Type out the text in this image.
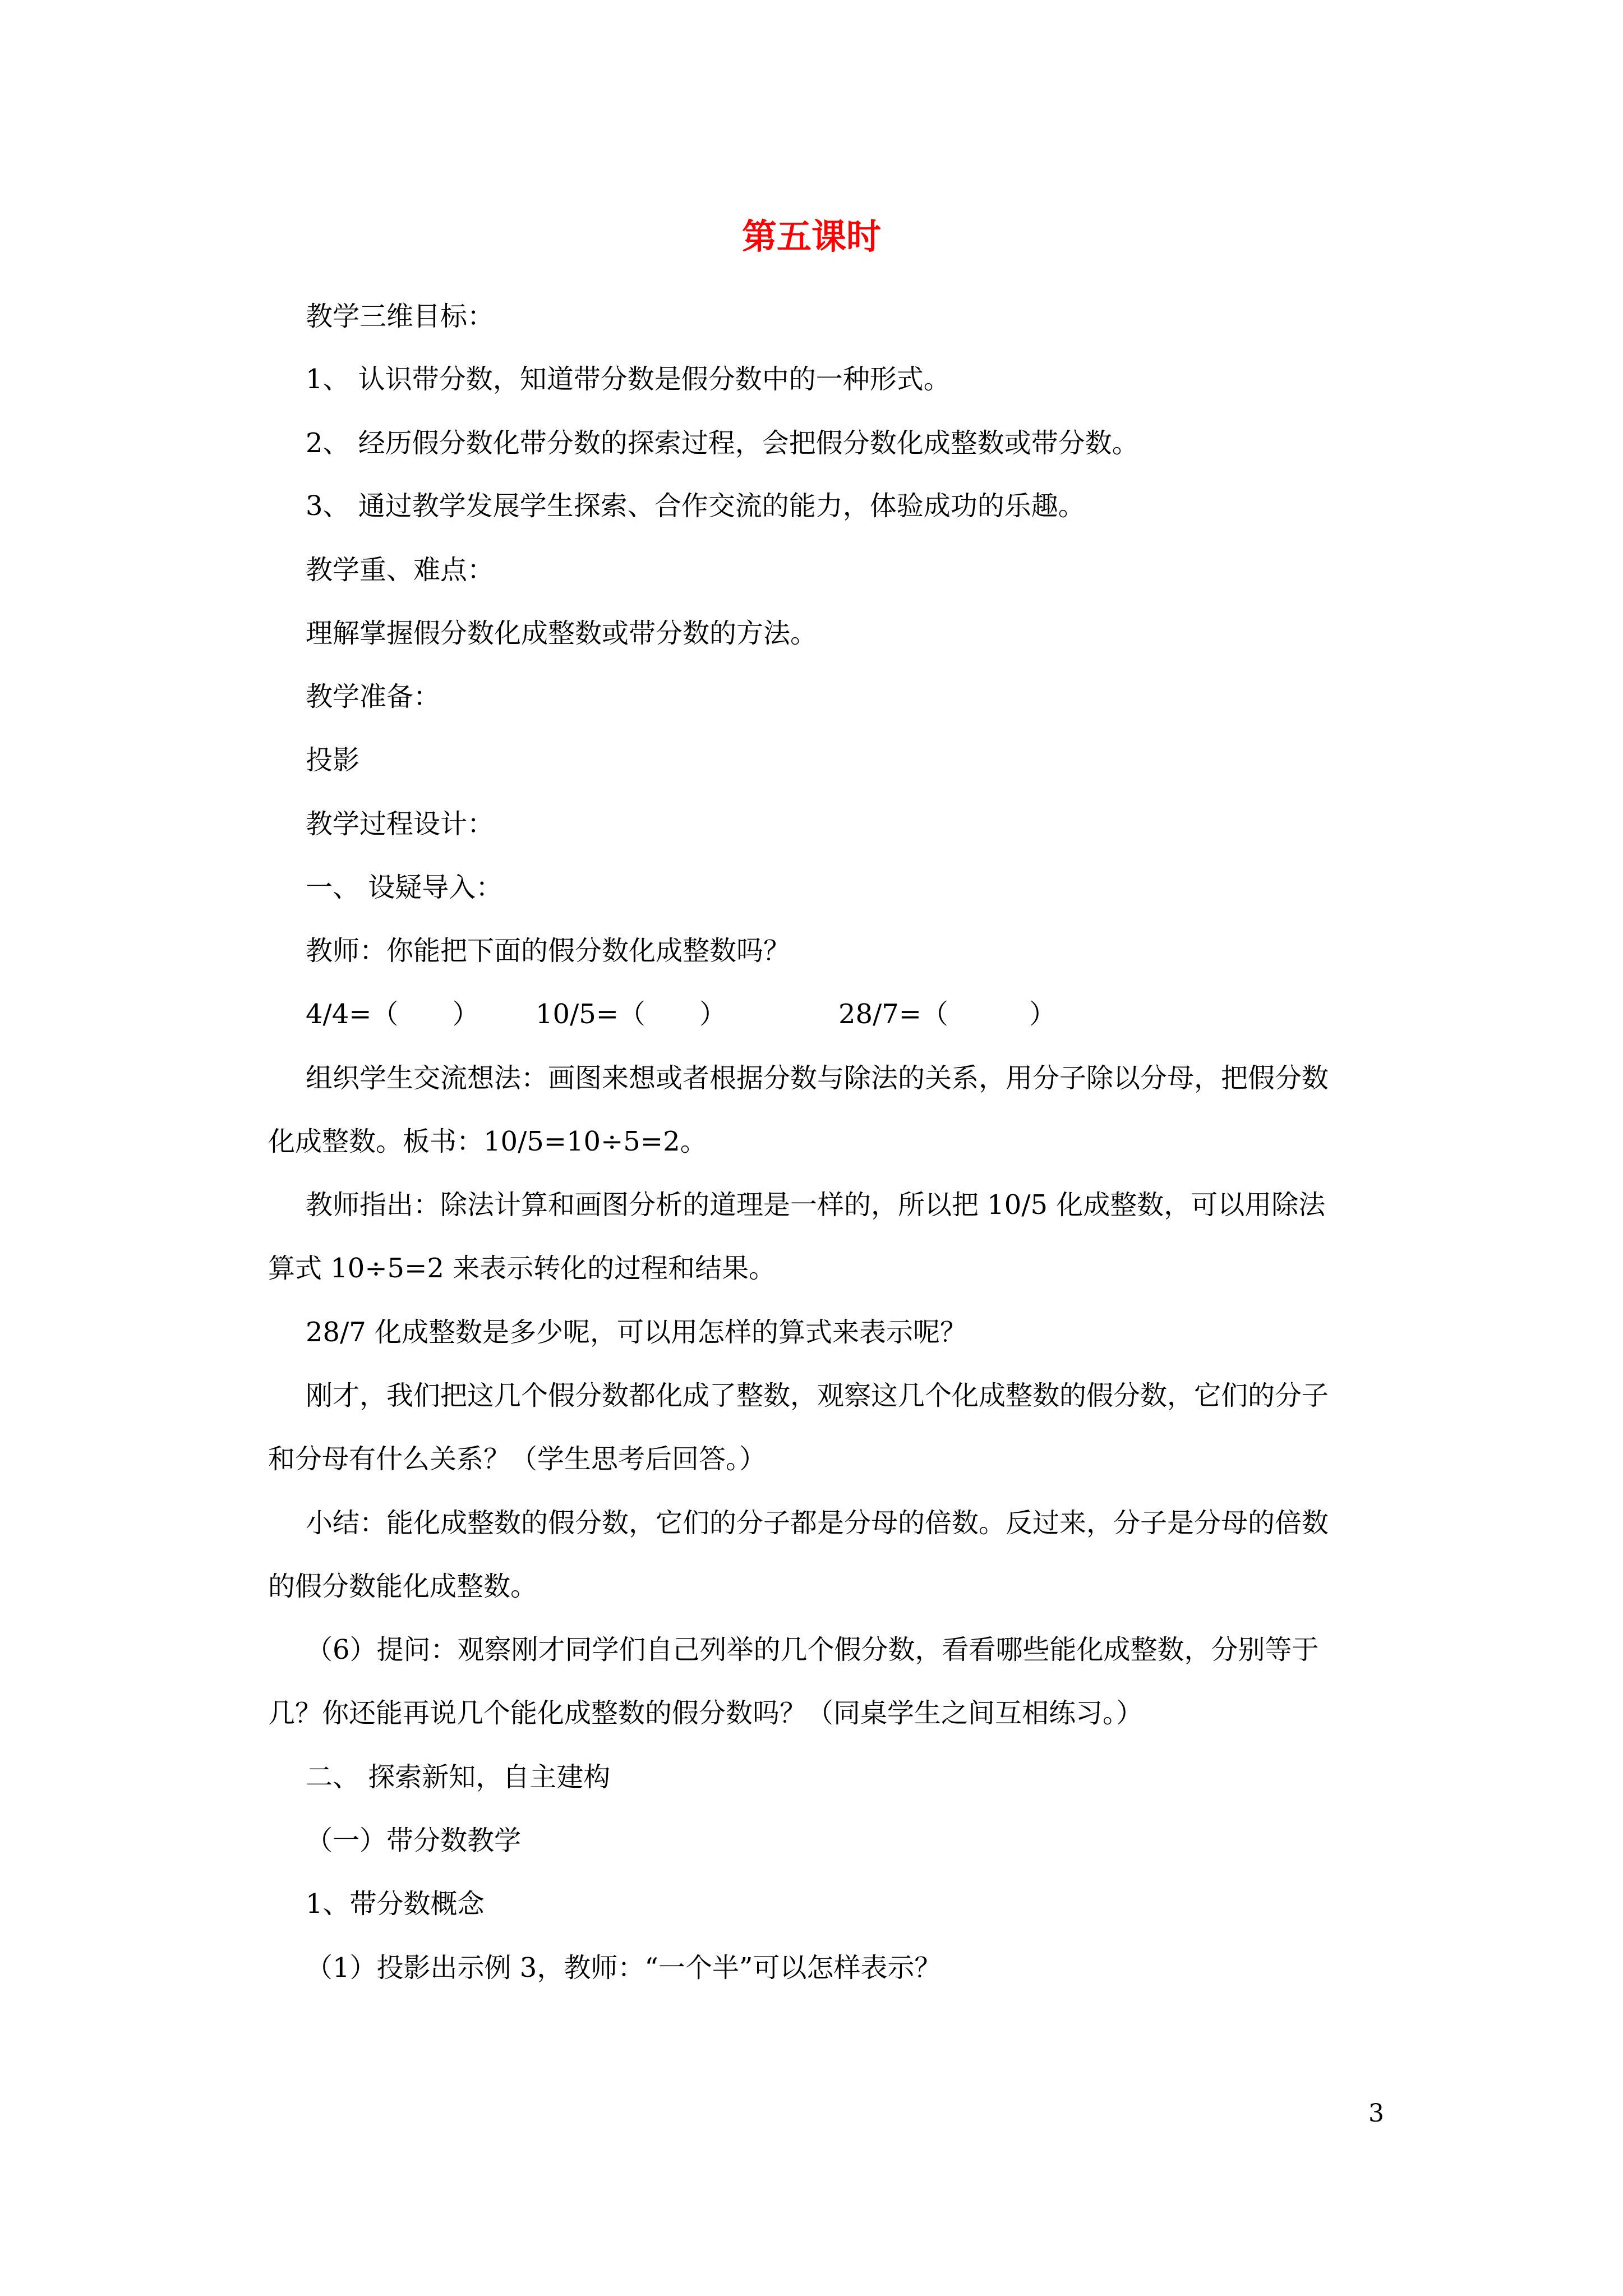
第五课时
教学三维目标：
1、 认识带分数，知道带分数是假分数中的一种形式。
2、 经历假分数化带分数的探索过程，会把假分数化成整数或带分数。
3、 通过教学发展学生探索、合作交流的能力，体验成功的乐趣。
教学重、难点：
理解掌握假分数化成整数或带分数的方法。
教学准备：
投影
教学过程设计：
一、 设疑导入：
教师：你能把下面的假分数化成整数吗？
4/4=（　　） 10/5=（　　）	28/7=（　　　）
组织学生交流想法：画图来想或者根据分数与除法的关系，用分子除以分母，把假分数
化成整数。板书：10/5=10÷5=2。
教师指出：除法计算和画图分析的道理是一样的，所以把 10/5 化成整数，可以用除法
算式 10÷5=2 来表示转化的过程和结果。
28/7 化成整数是多少呢，可以用怎样的算式来表示呢？
刚才，我们把这几个假分数都化成了整数，观察这几个化成整数的假分数，它们的分子
和分母有什么关系？（学生思考后回答。）
小结：能化成整数的假分数，它们的分子都是分母的倍数。反过来，分子是分母的倍数
的假分数能化成整数。
（6）提问：观察刚才同学们自己列举的几个假分数，看看哪些能化成整数，分别等于
几？你还能再说几个能化成整数的假分数吗？（同桌学生之间互相练习。）
二、 探索新知，自主建构
（一）带分数教学
1、带分数概念
（1）投影出示例 3，教师：“一个半”可以怎样表示？
3
